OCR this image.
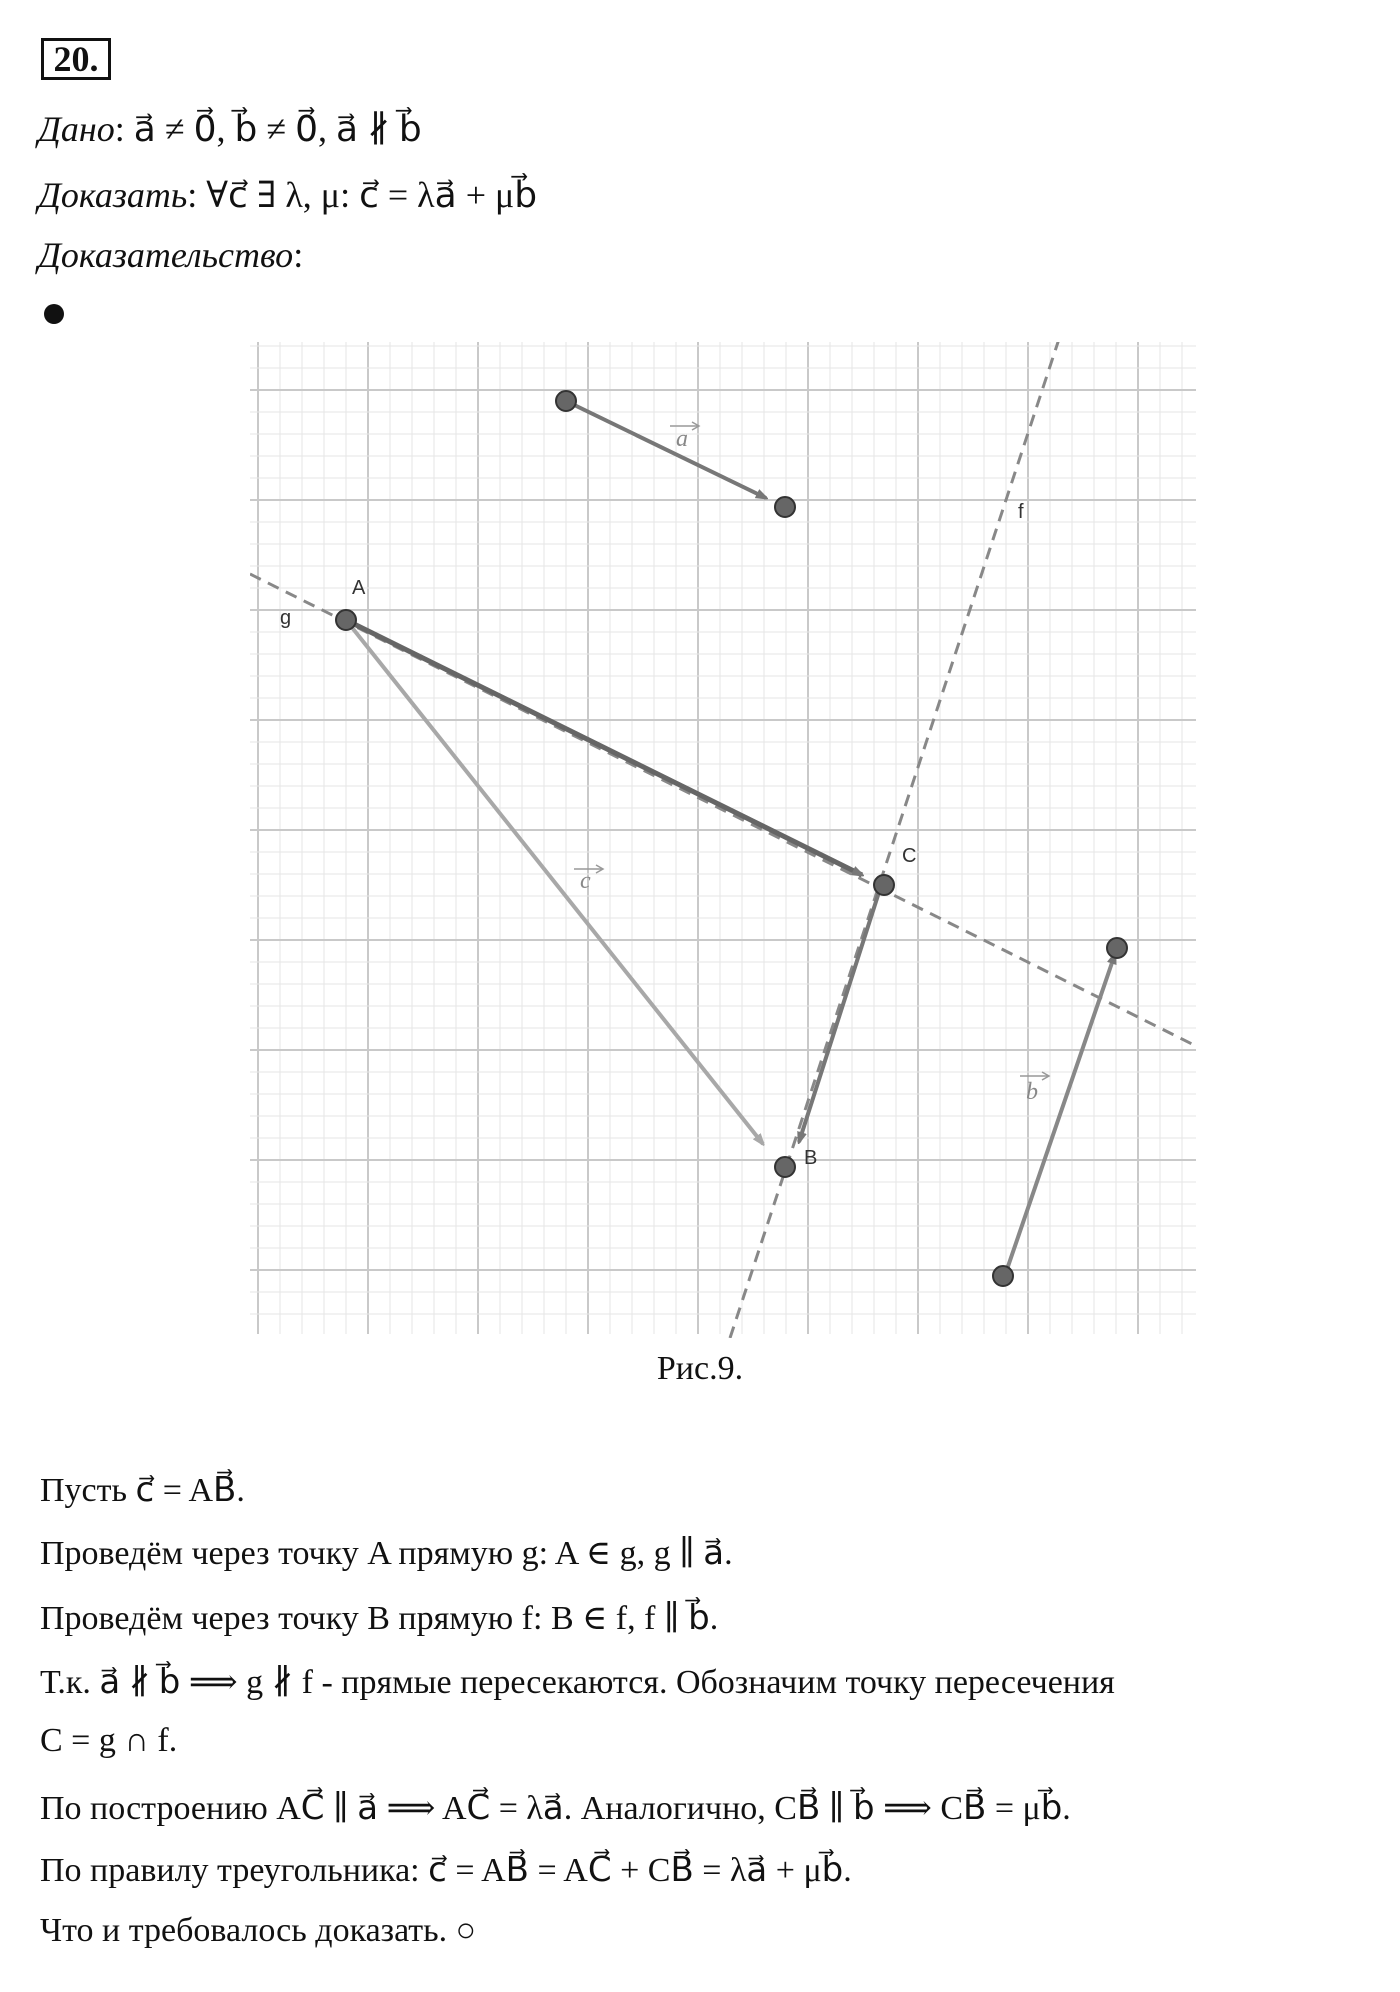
20.
Дано: a⃗ ≠ 0⃗, b⃗ ≠ 0⃗, a⃗ ∦ b⃗
Доказать: ∀c⃗ ∃ λ, μ: c⃗ = λa⃗ + μb⃗
Доказательство:
A
C
B
g
f
a
c
b
Рис.9.
Пусть c⃗ = AB⃗.
Проведём через точку A прямую g: A ∈ g, g ∥ a⃗.
Проведём через точку B прямую f: B ∈ f, f ∥ b⃗.
Т.к. a⃗ ∦ b⃗ ⟹ g ∦ f - прямые пересекаются. Обозначим точку пересечения
C = g ∩ f.
По построению AC⃗ ∥ a⃗ ⟹ AC⃗ = λa⃗. Аналогично, CB⃗ ∥ b⃗ ⟹ CB⃗ = μb⃗.
По правилу треугольника: c⃗ = AB⃗ = AC⃗ + CB⃗ = λa⃗ + μb⃗.
Что и требовалось доказать. ○
